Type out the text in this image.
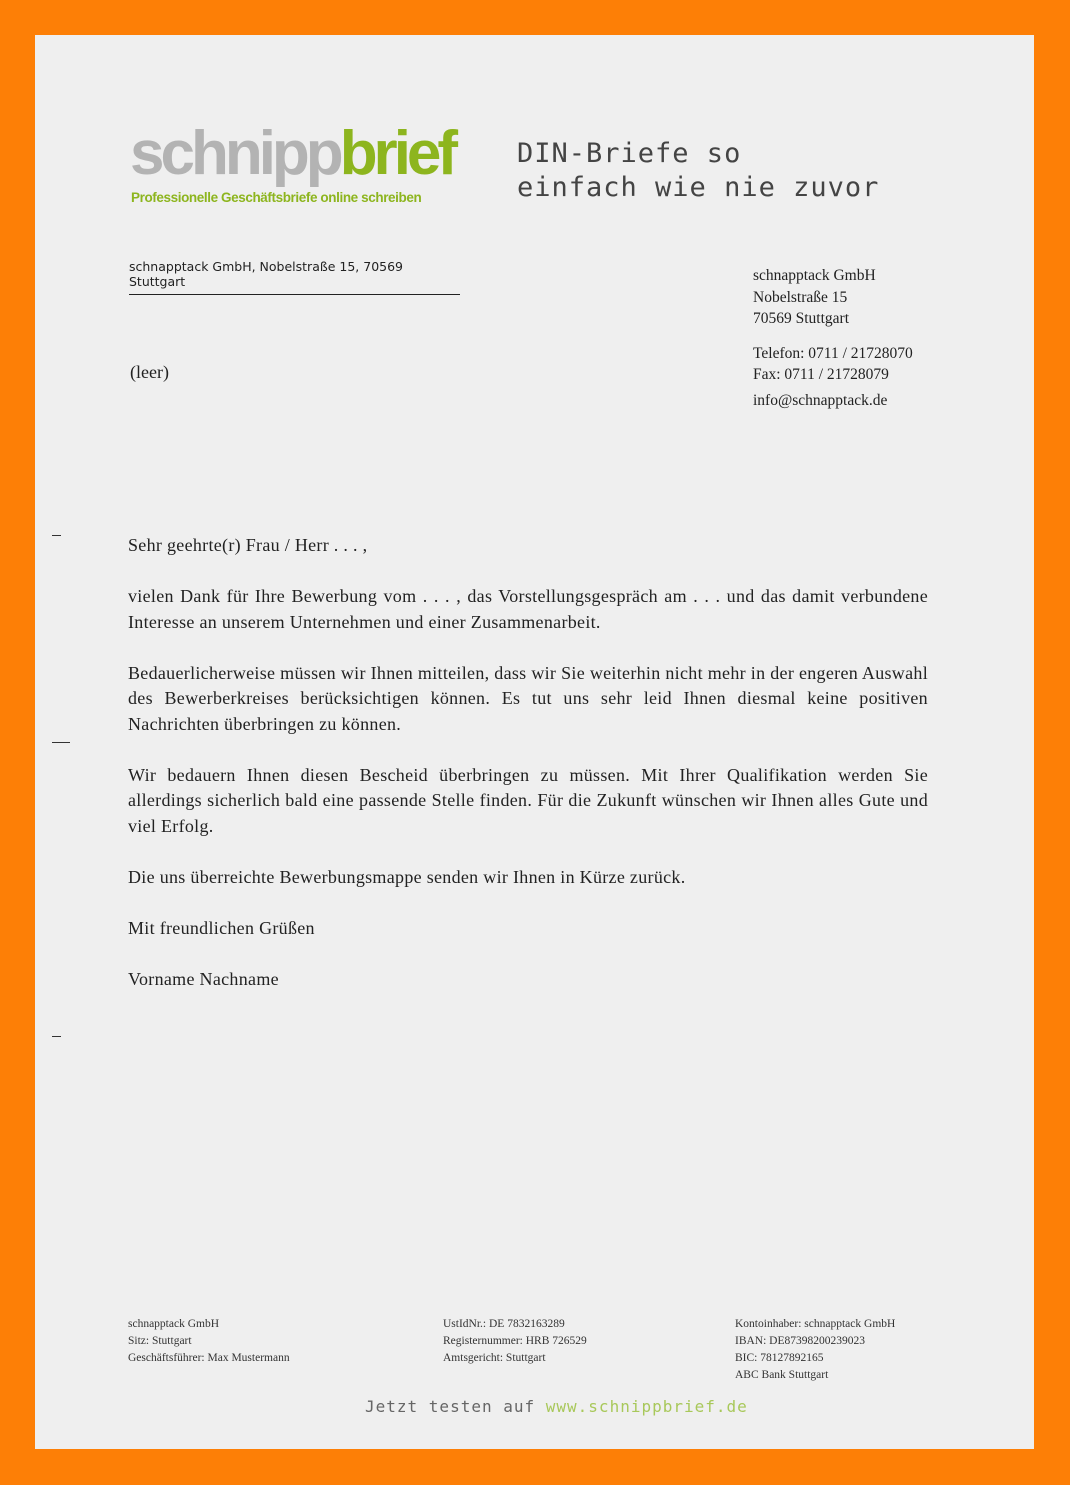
schnippbrief
Professionelle Geschäftsbriefe online schreiben
DIN-Briefe so
einfach wie nie zuvor
schnapptack GmbH, Nobelstraße 15, 70569 Stuttgart	schnapptack GmbH
Nobelstraße 15
70569 Stuttgart
Telefon: 0711 / 21728070
Fax: 0711 / 21728079
info@schnapptack.de
(leer)

Sehr geehrte(r) Frau / Herr . . . ,

vielen Dank für Ihre Bewerbung vom . . . , das Vorstellungsgespräch am . . . und das damit verbundene Interesse an unserem Unternehmen und einer Zusammenarbeit.

Bedauerlicherweise müssen wir Ihnen mitteilen, dass wir Sie weiterhin nicht mehr in der engeren Auswahl des Bewerberkreises berücksichtigen können. Es tut uns sehr leid Ihnen diesmal keine positiven Nachrichten überbringen zu können.

Wir bedauern Ihnen diesen Bescheid überbringen zu müssen. Mit Ihrer Qualifikation werden Sie allerdings sicherlich bald eine passende Stelle finden. Für die Zukunft wünschen wir Ihnen alles Gute und viel Erfolg.

Die uns überreichte Bewerbungsmappe senden wir Ihnen in Kürze zurück.

Mit freundlichen Grüßen

Vorname Nachname

schnapptack GmbH
Sitz: Stuttgart
Geschäftsführer: Max Mustermann
UstIdNr.: DE 7832163289
Registernummer: HRB 726529
Amtsgericht: Stuttgart
Kontoinhaber: schnapptack GmbH
IBAN: DE87398200239023
BIC: 78127892165
ABC Bank Stuttgart
Jetzt testen auf www.schnippbrief.de
